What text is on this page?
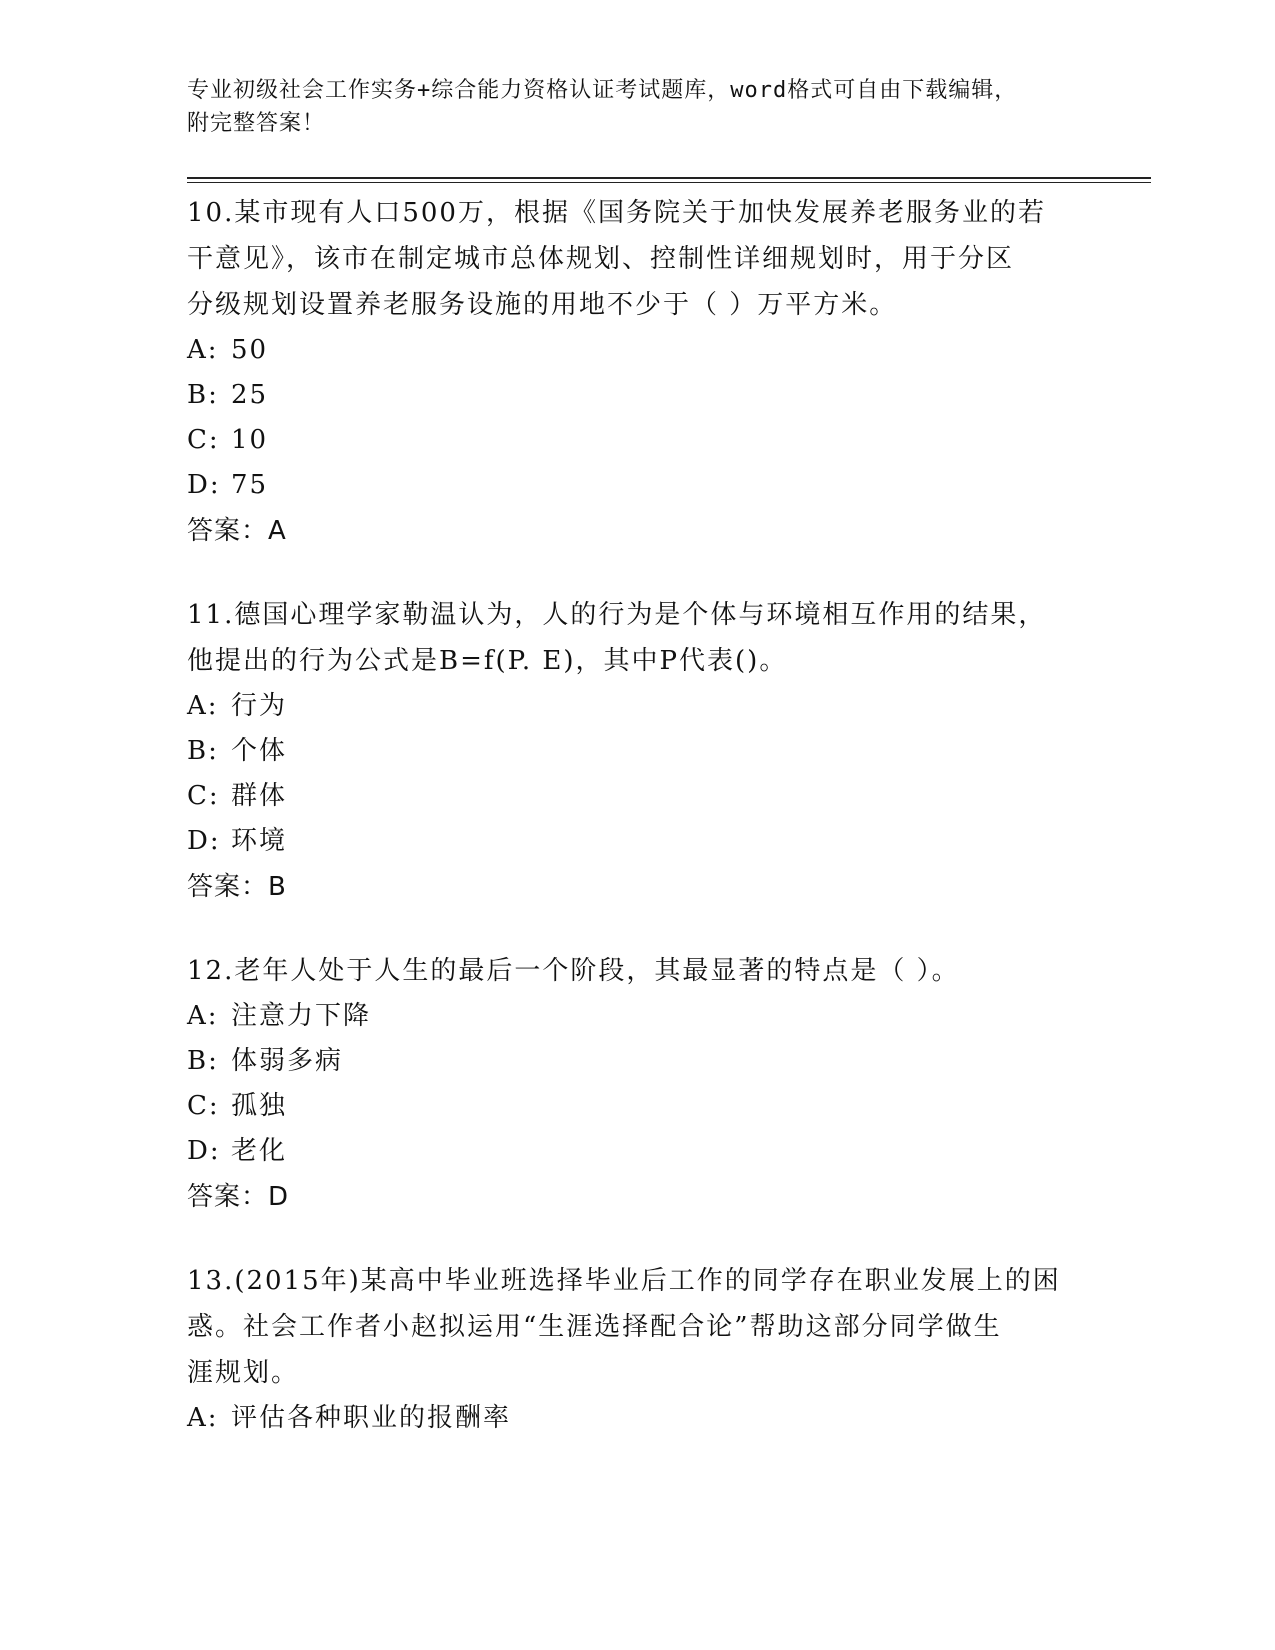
专业初级社会工作实务+综合能力资格认证考试题库，word格式可自由下载编辑，
附完整答案！
10.某市现有人口500万，根据《国务院关于加快发展养老服务业的若
干意见》，该市在制定城市总体规划、控制性详细规划时，用于分区
分级规划设置养老服务设施的用地不少于（ ）万平方米。
A: 50
B: 25
C: 10
D: 75
答案：A
11.德国心理学家勒温认为，人的行为是个体与环境相互作用的结果，
他提出的行为公式是B=f(P. E)，其中P代表()。
A: 行为
B: 个体
C: 群体
D: 环境
答案：B
12.老年人处于人生的最后一个阶段，其最显著的特点是（ ）。
A: 注意力下降
B: 体弱多病
C: 孤独
D: 老化
答案：D
13.(2015年)某高中毕业班选择毕业后工作的同学存在职业发展上的困
惑。社会工作者小赵拟运用“生涯选择配合论”帮助这部分同学做生
涯规划。
A: 评估各种职业的报酬率
